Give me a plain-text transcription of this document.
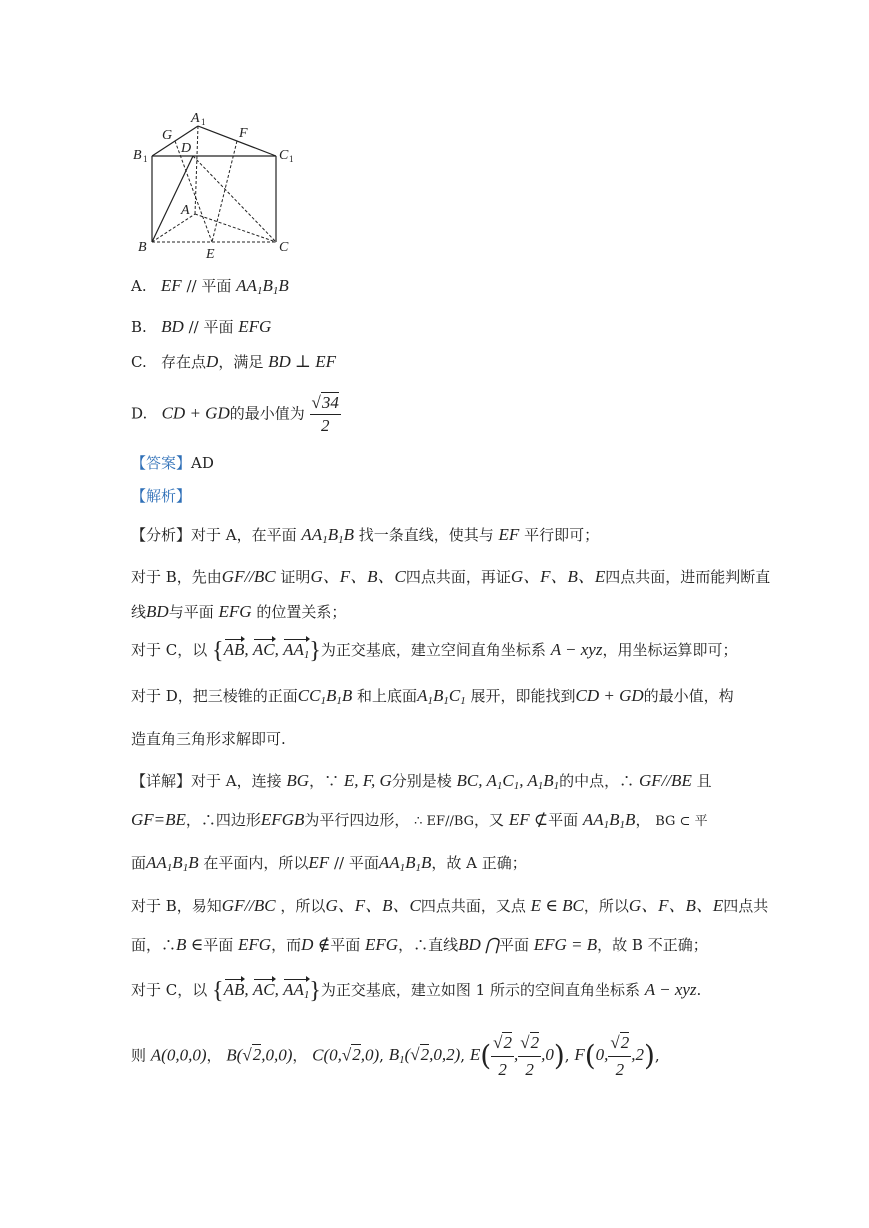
A 1
B 1	C 1
G	F
D
A
B	C
E
A. EF // 平面 $AA_1B_1B$
B. BD // 平面 EFG
C. 存在点D，满足 BD ⊥ EF
D. CD + GD的最小值为 $\frac{√34}{2}$
【答案】AD
【解析】
【分析】对于 A，在平面 $AA_1B_1B$ 找一条直线，使其与 EF 平行即可；
对于 B，先由GF//BC 证明G、F、B、C四点共面，再证G、F、B、E四点共面，进而能判断直
线BD与平面 EFG 的位置关系；
对于 C，以 {AB, AC, $AA_1$}为正交基底，建立空间直角坐标系 A − xyz，用坐标运算即可；
对于 D，把三棱锥的正面$CC_1B_1B$ 和上底面$A_1B_1C_1$ 展开，即能找到CD + GD的最小值，构
造直角三角形求解即可.
【详解】对于 A，连接 BG，∵ E, F, G分别是棱 BC, $A_1C_1$, $A_1B_1$的中点，∴ GF//BE 且
GF=BE，∴四边形EFGB为平行四边形， ∴ EF//BG，又 EF ⊄平面 $AA_1B_1B$， BG ⊂ 平
面$AA_1B_1B$ 在平面内，所以EF // 平面$AA_1B_1B$，故 A 正确；
对于 B，易知GF//BC ，所以G、F、B、C四点共面，又点 E ∈ BC，所以G、F、B、E四点共
面，∴B ∈平面 EFG，而D ∉平面 EFG，∴直线BD ⋂平面 EFG = B，故 B 不正确；
对于 C，以 {AB, AC, $AA_1$}为正交基底，建立如图 1 所示的空间直角坐标系 A − xyz.
则 A(0,0,0)， B(√2,0,0)， C(0,√2,0), $B_1(√2,0,2)$, $E( \frac{√2}{2}$ , $\frac{√2}{2} ,0$), F(0, $\frac{√2}{2} ,2$),
